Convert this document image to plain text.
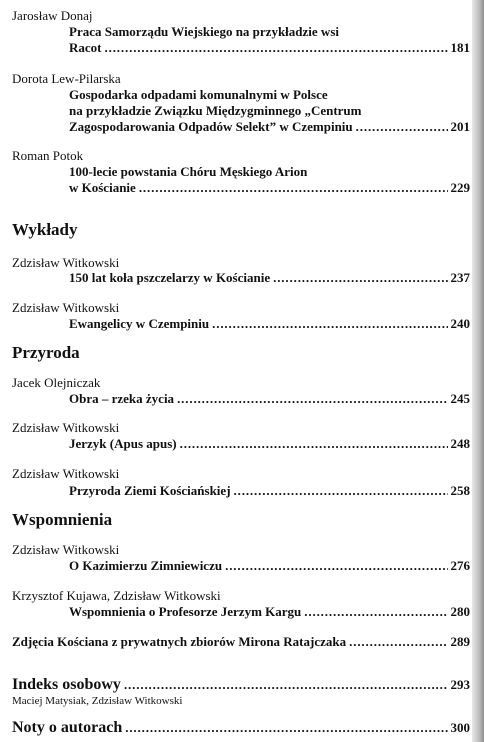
Jarosław Donaj
Praca Samorządu Wiejskiego na przykładzie wsi
Racot . . .	181
Dorota Lew-Pilarska
Gospodarka odpadami komunalnymi w Polsce
na przykładzie Związku Międzygminnego „Centrum
Zagospodarowania Odpadów Selekt” w Czempiniu . . .	201
Roman Potok
100-lecie powstania Chóru Męskiego Arion
w Kościanie . . .	229
Wykłady
Zdzisław Witkowski
150 lat koła pszczelarzy w Kościanie . . .	237
Zdzisław Witkowski
Ewangelicy w Czempiniu . . .	240
Przyroda
Jacek Olejniczak
Obra – rzeka życia . . .	245
Zdzisław Witkowski
Jerzyk (Apus apus) . . .	248
Zdzisław Witkowski
Przyroda Ziemi Kościańskiej . . .	258
Wspomnienia
Zdzisław Witkowski
O Kazimierzu Zimniewiczu . . .	276
Krzysztof Kujawa, Zdzisław Witkowski
Wspomnienia o Profesorze Jerzym Kargu . . .	280
Zdjęcia Kościana z prywatnych zbiorów Mirona Ratajczaka . . .	289
Indeks osobowy . . .	293
Maciej Matysiak, Zdzisław Witkowski
Noty o autorach . . .	300
